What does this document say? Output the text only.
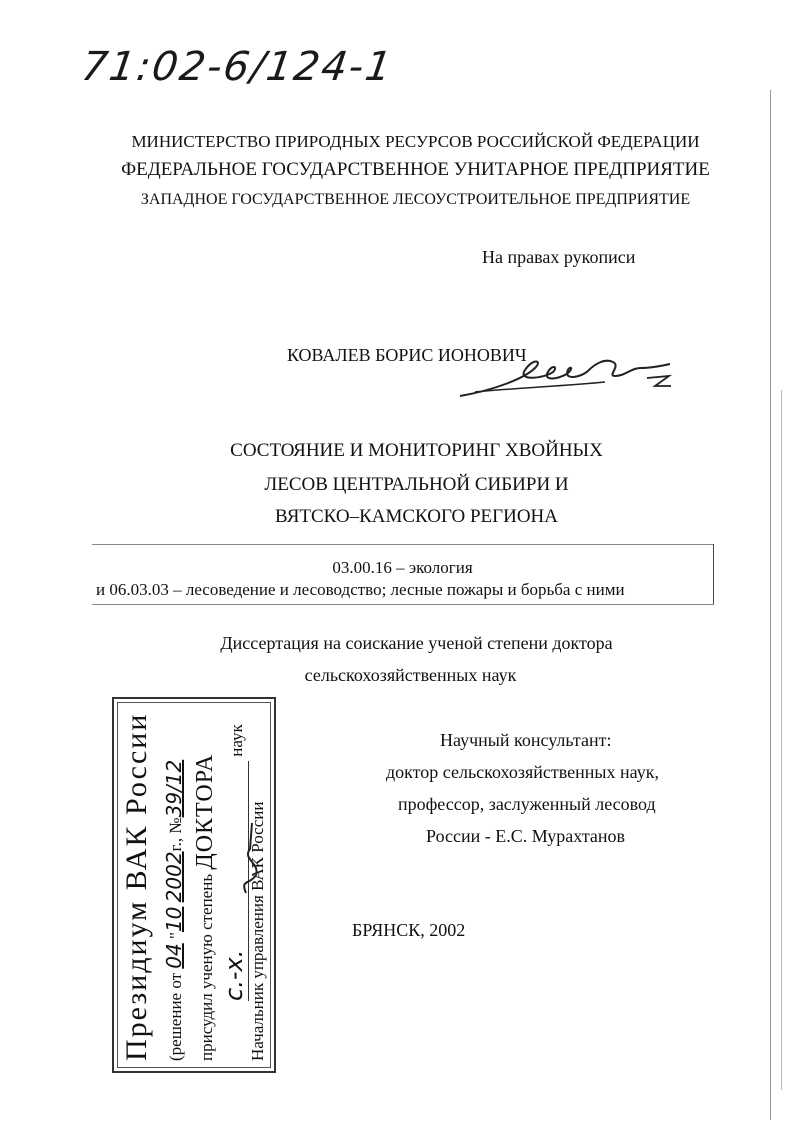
71:02-6/124-1
МИНИСТЕРСТВО ПРИРОДНЫХ РЕСУРСОВ РОССИЙСКОЙ ФЕДЕРАЦИИ
ФЕДЕРАЛЬНОЕ ГОСУДАРСТВЕННОЕ УНИТАРНОЕ ПРЕДПРИЯТИЕ
ЗАПАДНОЕ ГОСУДАРСТВЕННОЕ ЛЕСОУСТРОИТЕЛЬНОЕ ПРЕДПРИЯТИЕ
На правах рукописи
КОВАЛЕВ БОРИС ИОНОВИЧ
СОСТОЯНИЕ И МОНИТОРИНГ ХВОЙНЫХ
ЛЕСОВ ЦЕНТРАЛЬНОЙ СИБИРИ И
ВЯТСКО–КАМСКОГО РЕГИОНА
03.00.16 – экология
и 06.03.03 – лесоведение и лесоводство; лесные пожары и борьба с ними
Диссертация на соискание ученой степени доктора
сельскохозяйственных наук
Научный консультант:
доктор сельскохозяйственных наук,
профессор, заслуженный лесовод
России - Е.С. Мурахтанов
БРЯНСК, 2002
Президиум ВАК России (решение от 04 "10 2002г., №39/12
присудил ученую степень ДОКТОРА
с.-х. наук
Начальник управления ВАК России
